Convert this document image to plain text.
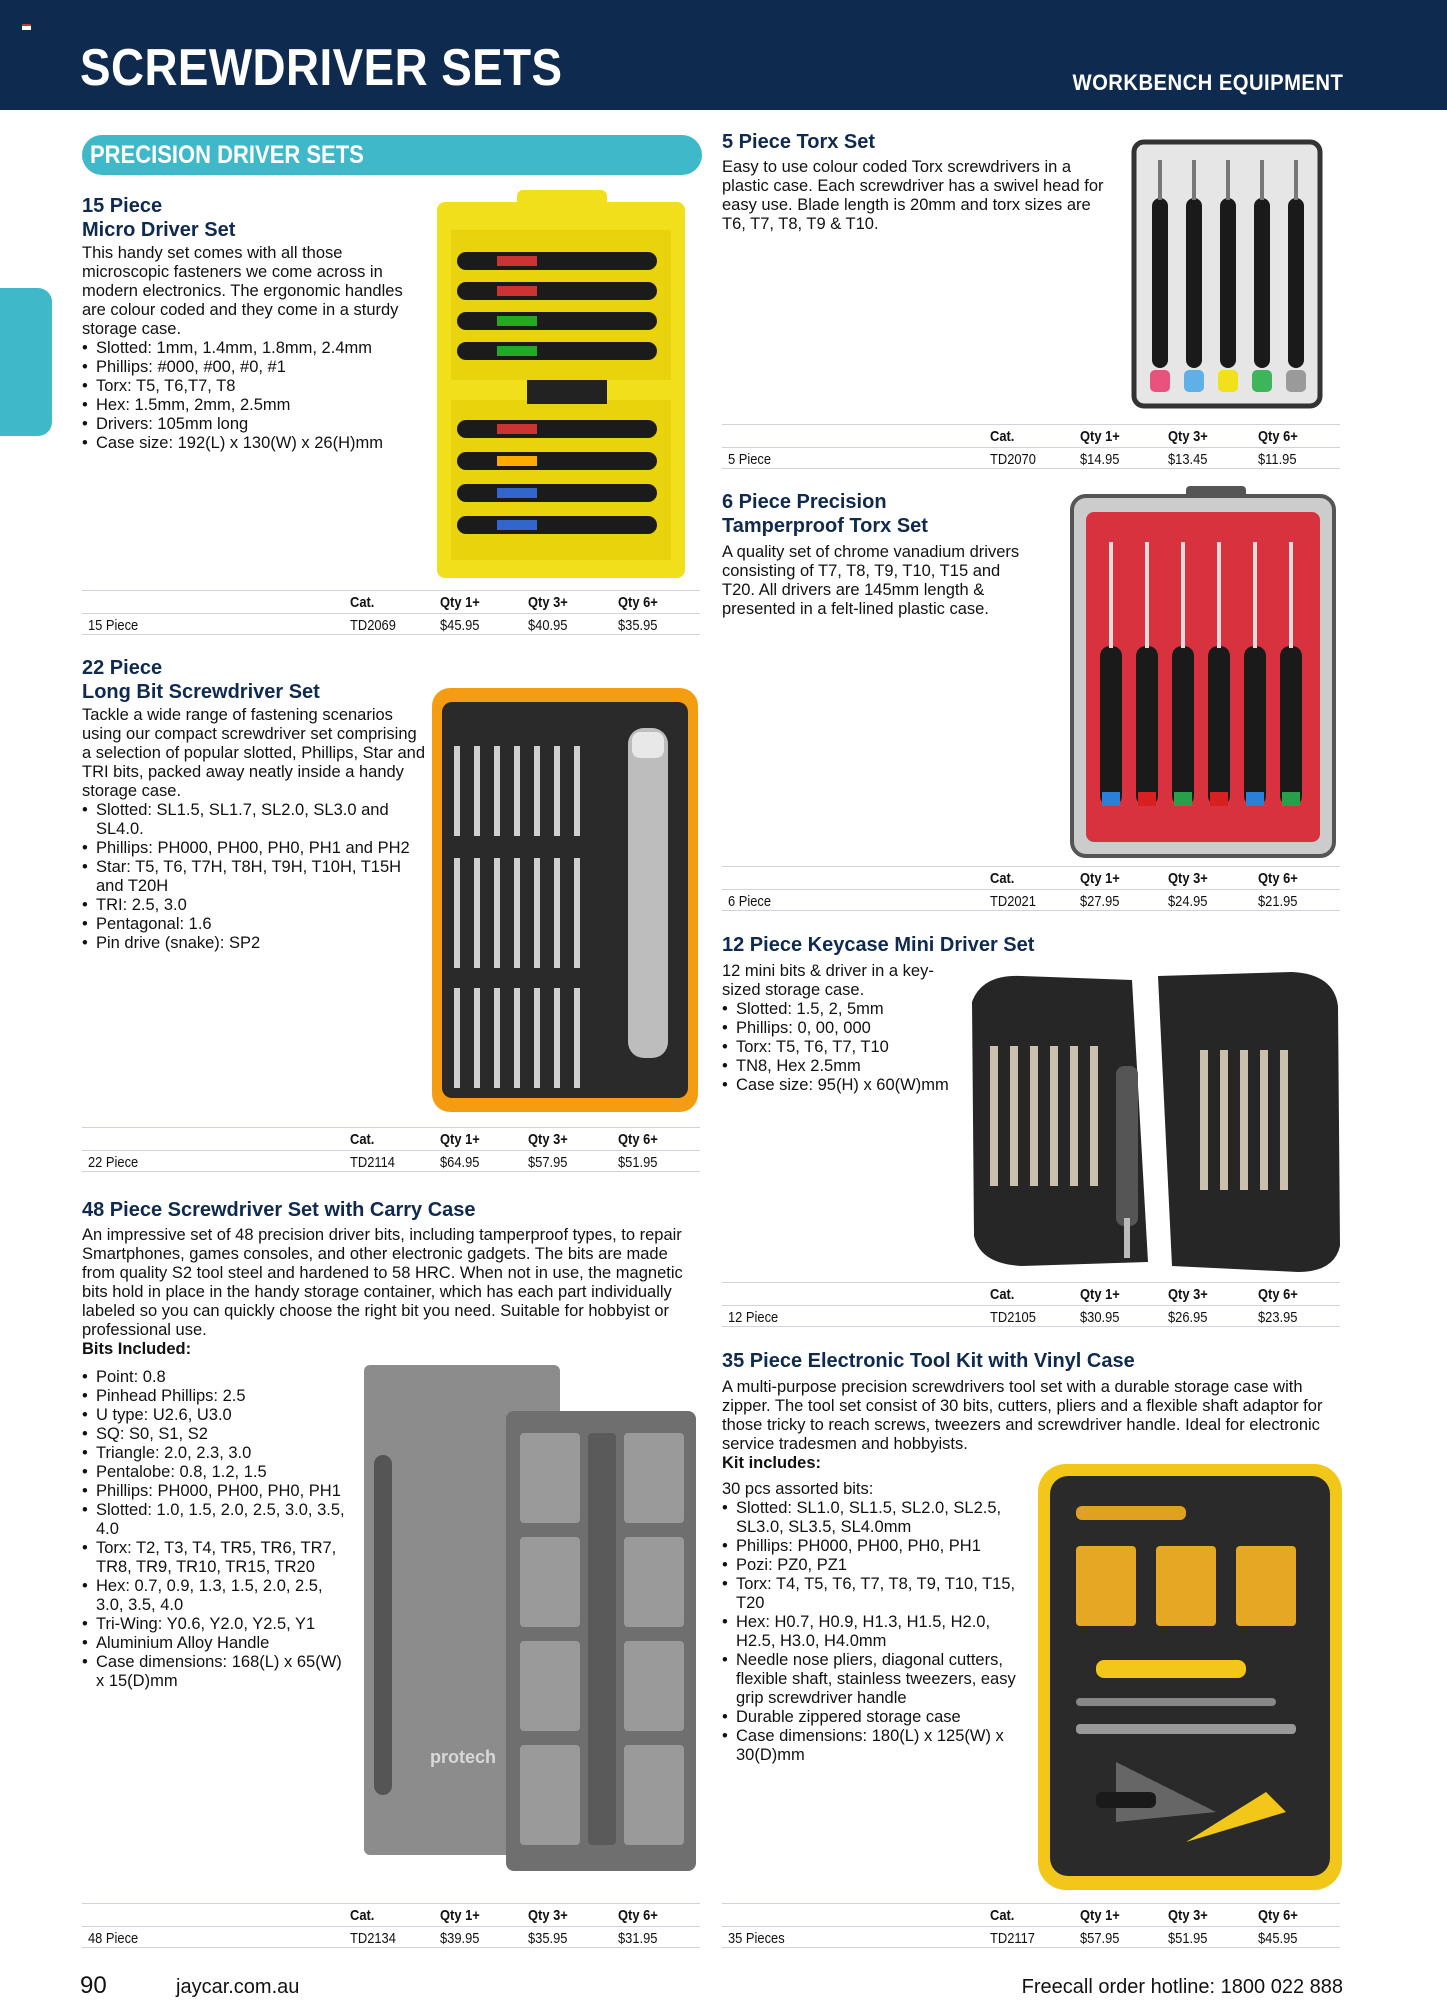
SCREWDRIVER SETS	WORKBENCH EQUIPMENT
PRECISION DRIVER SETS
15 Piece
Micro Driver Set

This handy set comes with all those microscopic fasteners we come across in modern electronics. The ergonomic handles are colour coded and they come in a sturdy storage case.

• Slotted: 1mm, 1.4mm, 1.8mm, 2.4mm
• Phillips: #000, #00, #0, #1
• Torx: T5, T6,T7, T8
• Hex: 1.5mm, 2mm, 2.5mm
• Drivers: 105mm long
• Case size: 192(L) x 130(W) x 26(H)mm
Cat.	Qty 1+	Qty 3+	Qty 6+
15 Piece	TD2069	$45.95	$40.95	$35.95
22 Piece
Long Bit Screwdriver Set

Tackle a wide range of fastening scenarios using our compact screwdriver set comprising a selection of popular slotted, Phillips, Star and TRI bits, packed away neatly inside a handy storage case.

• Slotted: SL1.5, SL1.7, SL2.0, SL3.0 and SL4.0.
• Phillips: PH000, PH00, PH0, PH1 and PH2
• Star: T5, T6, T7H, T8H, T9H, T10H, T15H and T20H
• TRI: 2.5, 3.0
• Pentagonal: 1.6
• Pin drive (snake): SP2
Cat.	Qty 1+	Qty 3+	Qty 6+
22 Piece	TD2114	$64.95	$57.95	$51.95
48 Piece Screwdriver Set with Carry Case

An impressive set of 48 precision driver bits, including tamperproof types, to repair Smartphones, games consoles, and other electronic gadgets. The bits are made from quality S2 tool steel and hardened to 58 HRC. When not in use, the magnetic bits hold in place in the handy storage container, which has each part individually labeled so you can quickly choose the right bit you need. Suitable for hobbyist or professional use.

Bits Included:

• Point: 0.8
• Pinhead Phillips: 2.5
• U type: U2.6, U3.0
• SQ: S0, S1, S2
• Triangle: 2.0, 2.3, 3.0
• Pentalobe: 0.8, 1.2, 1.5
• Phillips: PH000, PH00, PH0, PH1
• Slotted: 1.0, 1.5, 2.0, 2.5, 3.0, 3.5, 4.0
• Torx: T2, T3, T4, TR5, TR6, TR7, TR8, TR9, TR10, TR15, TR20
• Hex: 0.7, 0.9, 1.3, 1.5, 2.0, 2.5, 3.0, 3.5, 4.0
• Tri-Wing: Y0.6, Y2.0, Y2.5, Y1
• Aluminium Alloy Handle
• Case dimensions: 168(L) x 65(W) x 15(D)mm
protech
Cat.	Qty 1+	Qty 3+	Qty 6+
48 Piece	TD2134	$39.95	$35.95	$31.95
5 Piece Torx Set

Easy to use colour coded Torx screwdrivers in a plastic case. Each screwdriver has a swivel head for easy use. Blade length is 20mm and torx sizes are T6, T7, T8, T9 & T10.

Cat.	Qty 1+	Qty 3+	Qty 6+
5 Piece	TD2070	$14.95	$13.45	$11.95
6 Piece Precision
Tamperproof Torx Set

A quality set of chrome vanadium drivers consisting of T7, T8, T9, T10, T15 and T20. All drivers are 145mm length & presented in a felt-lined plastic case.

Cat.	Qty 1+	Qty 3+	Qty 6+
6 Piece	TD2021	$27.95	$24.95	$21.95
12 Piece Keycase Mini Driver Set

12 mini bits & driver in a key-sized storage case.

• Slotted: 1.5, 2, 5mm
• Phillips: 0, 00, 000
• Torx: T5, T6, T7, T10
• TN8, Hex 2.5mm
• Case size: 95(H) x 60(W)mm
Cat.	Qty 1+	Qty 3+	Qty 6+
12 Piece	TD2105	$30.95	$26.95	$23.95
35 Piece Electronic Tool Kit with Vinyl Case

A multi-purpose precision screwdrivers tool set with a durable storage case with zipper. The tool set consist of 30 bits, cutters, pliers and a flexible shaft adaptor for those tricky to reach screws, tweezers and screwdriver handle. Ideal for electronic service tradesmen and hobbyists.

Kit includes:

30 pcs assorted bits:

• Slotted: SL1.0, SL1.5, SL2.0, SL2.5, SL3.0, SL3.5, SL4.0mm
• Phillips: PH000, PH00, PH0, PH1
• Pozi: PZ0, PZ1
• Torx: T4, T5, T6, T7, T8, T9, T10, T15, T20
• Hex: H0.7, H0.9, H1.3, H1.5, H2.0, H2.5, H3.0, H4.0mm
• Needle nose pliers, diagonal cutters, flexible shaft, stainless tweezers, easy grip screwdriver handle
• Durable zippered storage case
• Case dimensions: 180(L) x 125(W) x 30(D)mm
Cat.	Qty 1+	Qty 3+	Qty 6+
35 Pieces	TD2117	$57.95	$51.95	$45.95
90	jaycar.com.au	Freecall order hotline: 1800 022 888
